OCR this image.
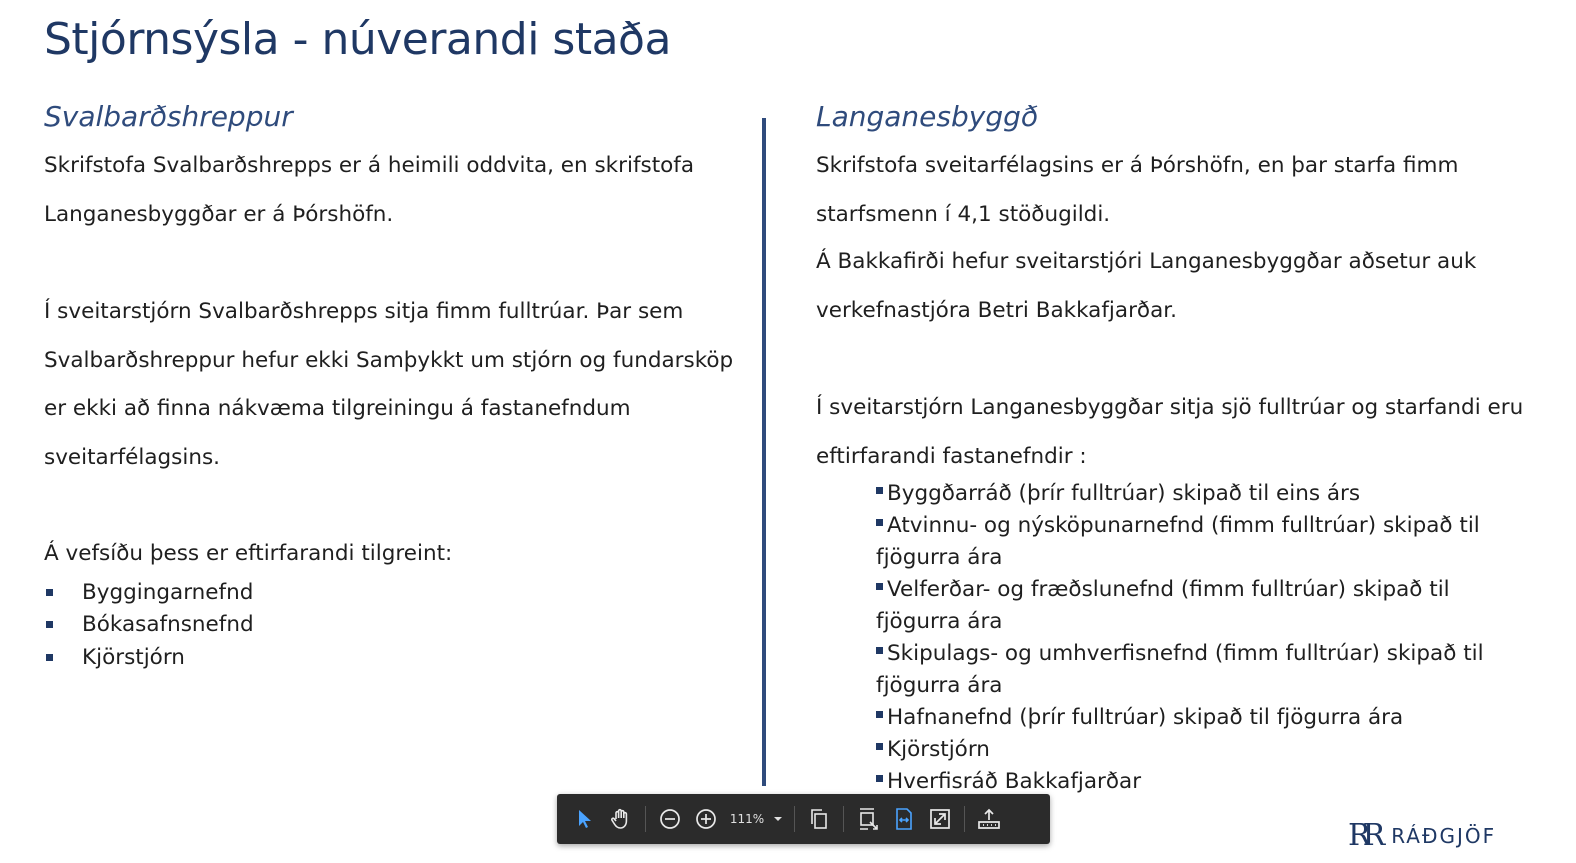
Stjórnsýsla - núverandi staða
Svalbarðshreppur

Skrifstofa Svalbarðshrepps er á heimili oddvita, en skrifstofa Langanesbyggðar er á Þórshöfn.

Í sveitarstjórn Svalbarðshrepps sitja fimm fulltrúar. Þar sem Svalbarðshreppur hefur ekki Samþykkt um stjórn og fundarsköp er ekki að finna nákvæma tilgreiningu á fastanefndum sveitarfélagsins.

Á vefsíðu þess er eftirfarandi tilgreint:

Byggingarnefnd
Bókasafnsnefnd
Kjörstjórn
Langanesbyggð

Skrifstofa sveitarfélagsins er á Þórshöfn, en þar starfa fimm starfsmenn í 4,1 stöðugildi.

Á Bakkafirði hefur sveitarstjóri Langanesbyggðar aðsetur auk verkefnastjóra Betri Bakkafjarðar.

Í sveitarstjórn Langanesbyggðar sitja sjö fulltrúar og starfandi eru eftirfarandi fastanefndir :

Byggðarráð (þrír fulltrúar) skipað til eins árs
Atvinnu- og nýsköpunarnefnd (fimm fulltrúar) skipað til fjögurra ára
Velferðar- og fræðslunefnd (fimm fulltrúar) skipað til fjögurra ára
Skipulags- og umhverfisnefnd (fimm fulltrúar) skipað til fjögurra ára
Hafnanefnd (þrír fulltrúar) skipað til fjögurra ára
Kjörstjórn
Hverfisráð Bakkafjarðar
111%	RR RÁÐGJÖF
